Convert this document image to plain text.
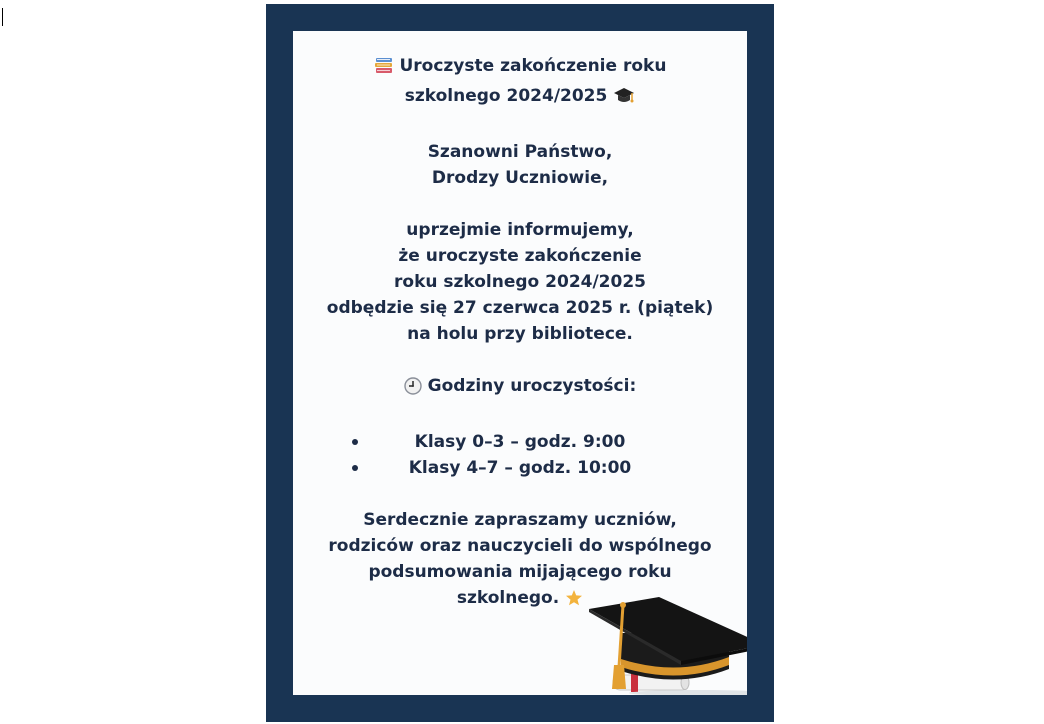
Uroczyste zakończenie roku
szkolnego 2024/2025
Szanowni Państwo,
Drodzy Uczniowie,
uprzejmie informujemy,
że uroczyste zakończenie
roku szkolnego 2024/2025
odbędzie się 27 czerwca 2025 r. (piątek)
na holu przy bibliotece.
Godziny uroczystości:
Klasy 0–3 – godz. 9:00
Klasy 4–7 – godz. 10:00
Serdecznie zapraszamy uczniów,
rodziców oraz nauczycieli do wspólnego
podsumowania mijającego roku
szkolnego.
